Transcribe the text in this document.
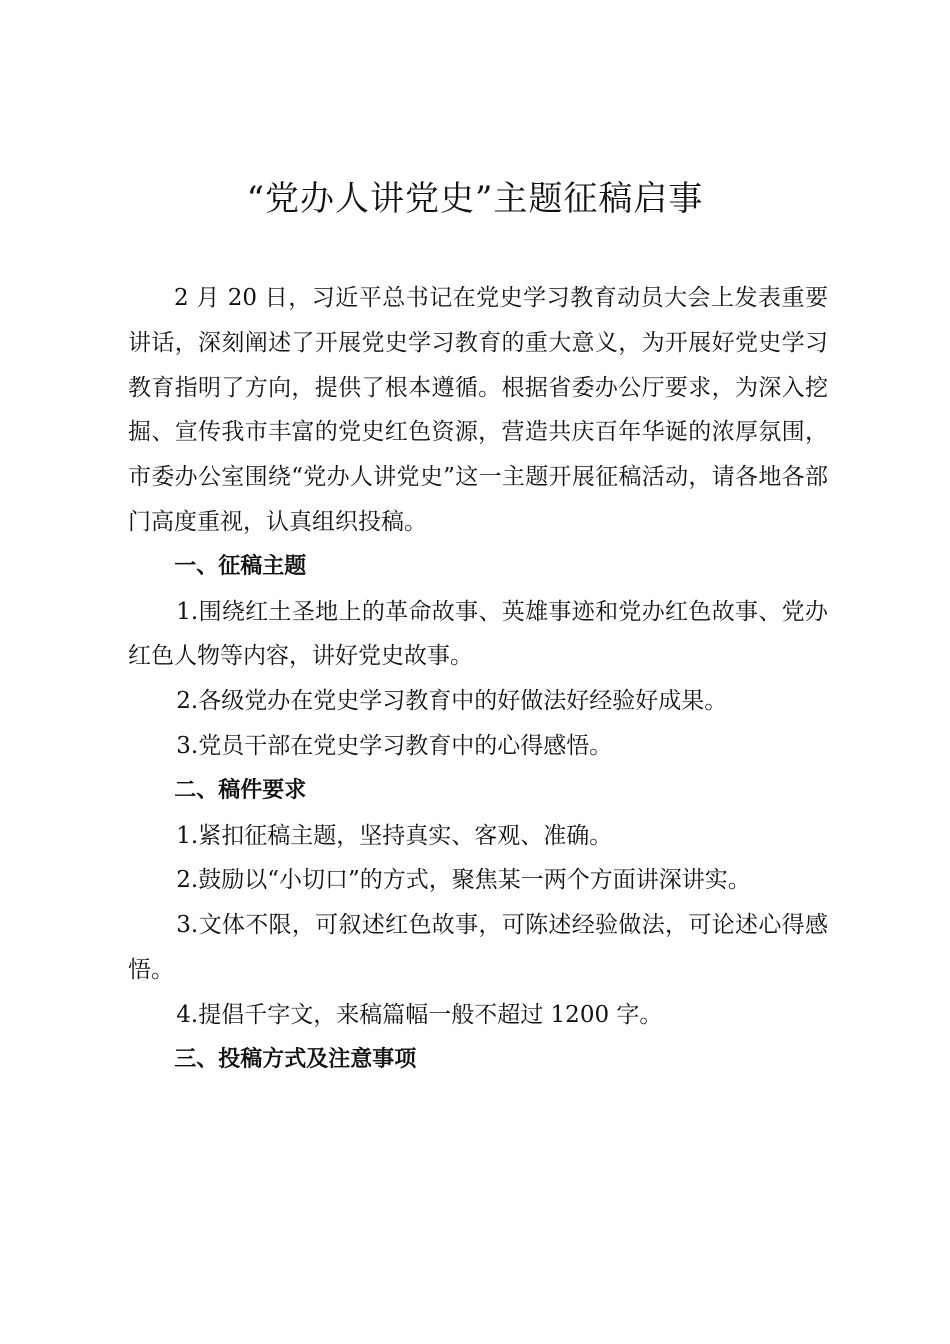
“党办人讲党史”主题征稿启事

2 月 20 日，习近平总书记在党史学习教育动员大会上发表重要讲话，深刻阐述了开展党史学习教育的重大意义，为开展好党史学习教育指明了方向，提供了根本遵循。根据省委办公厅要求，为深入挖掘、宣传我市丰富的党史红色资源，营造共庆百年华诞的浓厚氛围，市委办公室围绕“党办人讲党史”这一主题开展征稿活动，请各地各部门高度重视，认真组织投稿。

一、征稿主题

1.围绕红土圣地上的革命故事、英雄事迹和党办红色故事、党办红色人物等内容，讲好党史故事。

2.各级党办在党史学习教育中的好做法好经验好成果。

3.党员干部在党史学习教育中的心得感悟。

二、稿件要求

1.紧扣征稿主题，坚持真实、客观、准确。

2.鼓励以“小切口”的方式，聚焦某一两个方面讲深讲实。

3.文体不限，可叙述红色故事，可陈述经验做法，可论述心得感悟。

4.提倡千字文，来稿篇幅一般不超过 1200 字。

三、投稿方式及注意事项
